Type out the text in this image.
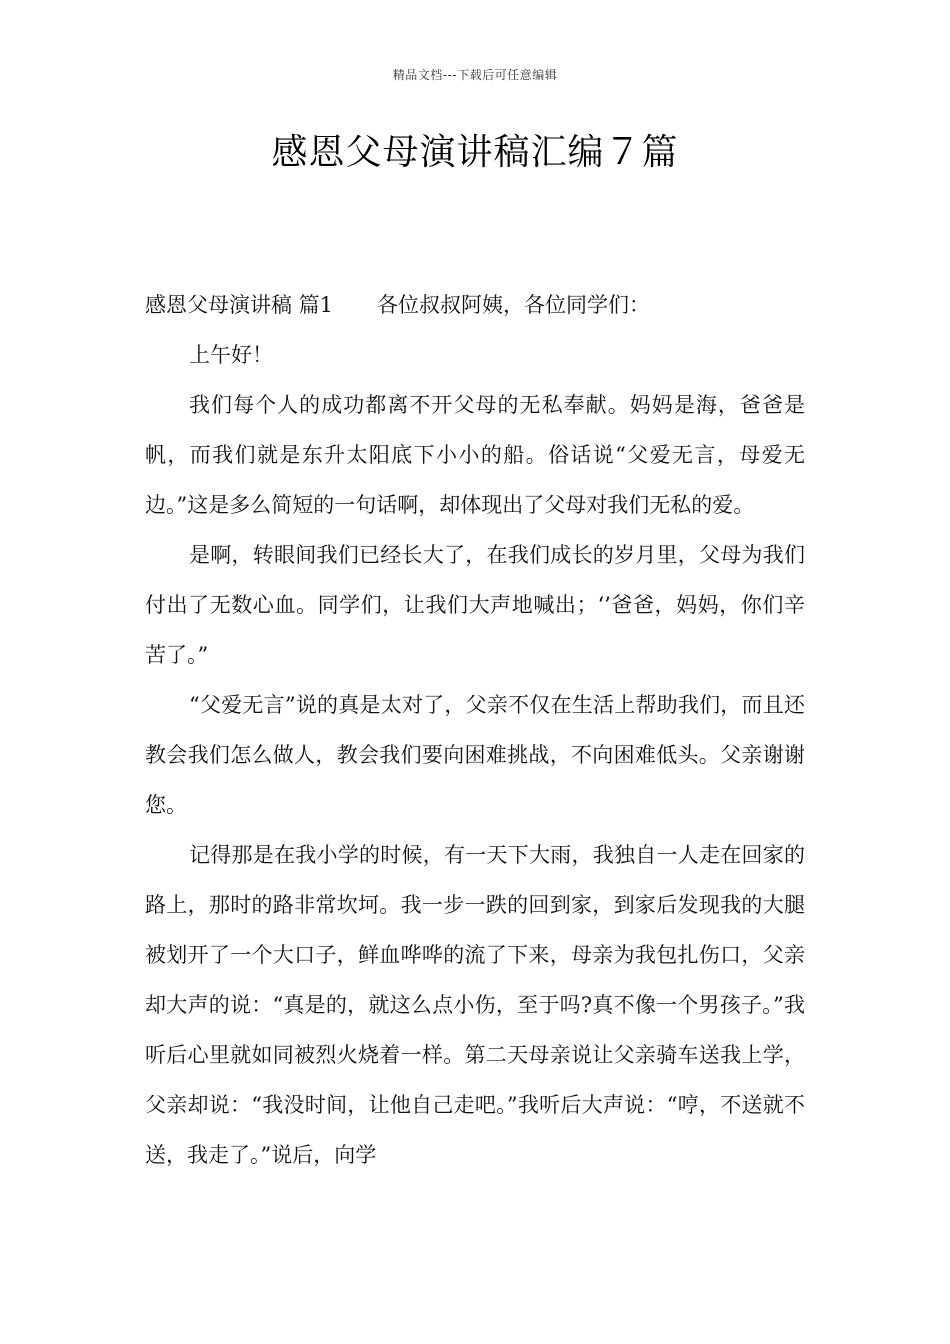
精品文档---下载后可任意编辑
感恩父母演讲稿汇编７篇

感恩父母演讲稿 篇1 各位叔叔阿姨，各位同学们：

上午好！

我们每个人的成功都离不开父母的无私奉献。妈妈是海，爸爸是帆，而我们就是东升太阳底下小小的船。俗话说“父爱无言，母爱无边。”这是多么简短的一句话啊，却体现出了父母对我们无私的爱。

是啊，转眼间我们已经长大了，在我们成长的岁月里，父母为我们付出了无数心血。同学们，让我们大声地喊出；‘’爸爸，妈妈，你们辛苦了。”

“父爱无言”说的真是太对了，父亲不仅在生活上帮助我们，而且还教会我们怎么做人，教会我们要向困难挑战，不向困难低头。父亲谢谢您。

记得那是在我小学的时候，有一天下大雨，我独自一人走在回家的路上，那时的路非常坎坷。我一步一跌的回到家，到家后发现我的大腿被划开了一个大口子，鲜血哗哗的流了下来，母亲为我包扎伤口，父亲却大声的说：“真是的，就这么点小伤，至于吗?真不像一个男孩子。”我听后心里就如同被烈火烧着一样。第二天母亲说让父亲骑车送我上学，父亲却说：“我没时间，让他自己走吧。”我听后大声说：“哼，不送就不送，我走了。”说后，向学
